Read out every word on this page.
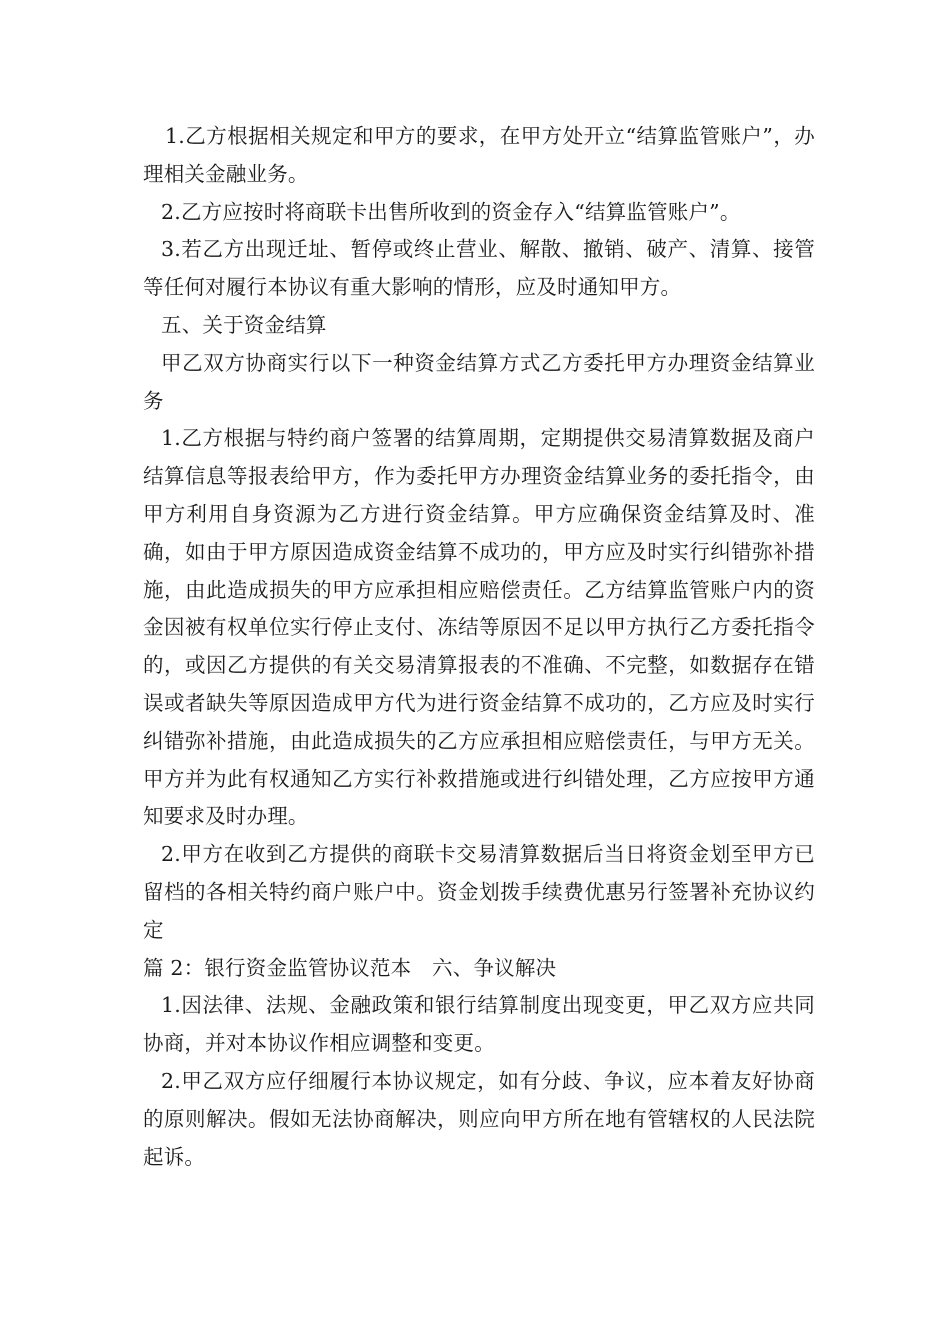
1.乙方根据相关规定和甲方的要求，在甲方处开立“结算监管账户”，办理相关金融业务。

2.乙方应按时将商联卡出售所收到的资金存入“结算监管账户”。

3.若乙方出现迁址、暂停或终止营业、解散、撤销、破产、清算、接管等任何对履行本协议有重大影响的情形，应及时通知甲方。

五、关于资金结算

甲乙双方协商实行以下一种资金结算方式乙方委托甲方办理资金结算业务

1.乙方根据与特约商户签署的结算周期，定期提供交易清算数据及商户结算信息等报表给甲方，作为委托甲方办理资金结算业务的委托指令，由甲方利用自身资源为乙方进行资金结算。甲方应确保资金结算及时、准确，如由于甲方原因造成资金结算不成功的，甲方应及时实行纠错弥补措施，由此造成损失的甲方应承担相应赔偿责任。乙方结算监管账户内的资金因被有权单位实行停止支付、冻结等原因不足以甲方执行乙方委托指令的，或因乙方提供的有关交易清算报表的不准确、不完整，如数据存在错误或者缺失等原因造成甲方代为进行资金结算不成功的，乙方应及时实行纠错弥补措施，由此造成损失的乙方应承担相应赔偿责任，与甲方无关。甲方并为此有权通知乙方实行补救措施或进行纠错处理，乙方应按甲方通知要求及时办理。

2.甲方在收到乙方提供的商联卡交易清算数据后当日将资金划至甲方已留档的各相关特约商户账户中。资金划拨手续费优惠另行签署补充协议约定

篇 2：银行资金监管协议范本　六、争议解决

1.因法律、法规、金融政策和银行结算制度出现变更，甲乙双方应共同协商，并对本协议作相应调整和变更。

2.甲乙双方应仔细履行本协议规定，如有分歧、争议，应本着友好协商的原则解决。假如无法协商解决，则应向甲方所在地有管辖权的人民法院起诉。
